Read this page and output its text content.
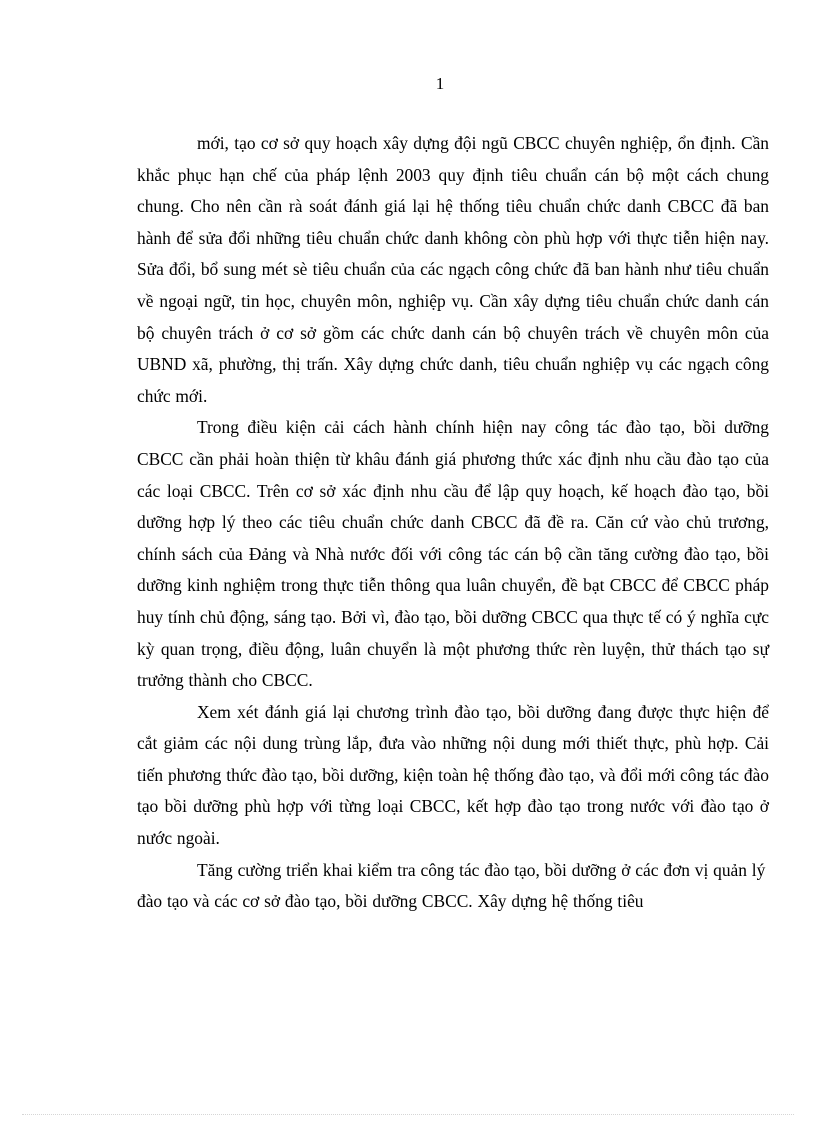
1

mới, tạo cơ sở quy hoạch xây dựng đội ngũ CBCC chuyên nghiệp, ổn định. Cần khắc phục hạn chế của pháp lệnh 2003 quy định tiêu chuẩn cán bộ một cách chung chung. Cho nên cần rà soát đánh giá lại hệ thống tiêu chuẩn chức danh CBCC đã ban hành để sửa đổi những tiêu chuẩn chức danh không còn phù hợp với thực tiễn hiện nay. Sửa đổi, bổ sung mét sè tiêu chuẩn của các ngạch công chức đã ban hành như tiêu chuẩn về ngoại ngữ, tin học, chuyên môn, nghiệp vụ. Cần xây dựng tiêu chuẩn chức danh cán bộ chuyên trách ở cơ sở gồm các chức danh cán bộ chuyên trách về chuyên môn của UBND xã, phường, thị trấn. Xây dựng chức danh, tiêu chuẩn nghiệp vụ các ngạch công chức mới.

Trong điều kiện cải cách hành chính hiện nay công tác đào tạo, bồi dưỡng CBCC cần phải hoàn thiện từ khâu đánh giá phương thức xác định nhu cầu đào tạo của các loại CBCC. Trên cơ sở xác định nhu cầu để lập quy hoạch, kế hoạch đào tạo, bồi dưỡng hợp lý theo các tiêu chuẩn chức danh CBCC đã đề ra. Căn cứ vào chủ trương, chính sách của Đảng và Nhà nước đối với công tác cán bộ cần tăng cường đào tạo, bồi dưỡng kinh nghiệm trong thực tiễn thông qua luân chuyển, đề bạt CBCC để CBCC pháp huy tính chủ động, sáng tạo. Bởi vì, đào tạo, bồi dưỡng CBCC qua thực tế có ý nghĩa cực kỳ quan trọng, điều động, luân chuyển là một phương thức rèn luyện, thử thách tạo sự trưởng thành cho CBCC.

Xem xét đánh giá lại chương trình đào tạo, bồi dưỡng đang được thực hiện để cắt giảm các nội dung trùng lắp, đưa vào những nội dung mới thiết thực, phù hợp. Cải tiến phương thức đào tạo, bồi dưỡng, kiện toàn hệ thống đào tạo, và đổi mới công tác đào tạo bồi dưỡng phù hợp với từng loại CBCC, kết hợp đào tạo trong nước với đào tạo ở nước ngoài.

Tăng cường triển khai kiểm tra công tác đào tạo, bồi dưỡng ở các đơn vị quản lý đào tạo và các cơ sở đào tạo, bồi dưỡng CBCC. Xây dựng hệ thống tiêu
